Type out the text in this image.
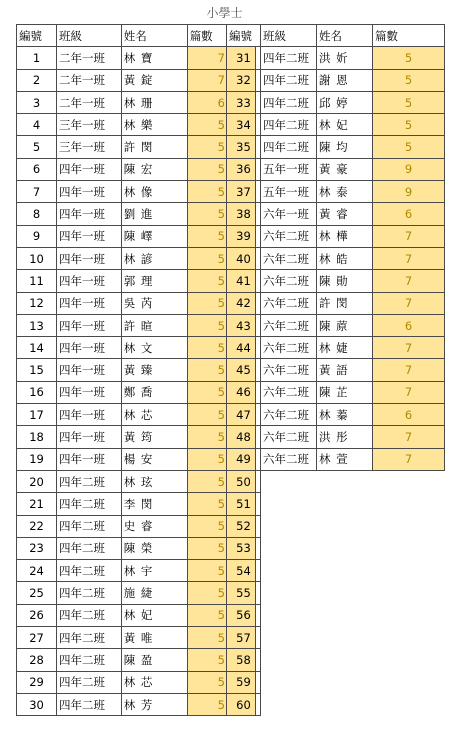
小學士
編號	班級	姓名	篇數
1	二年一班	林 寶	7
2	二年一班	黃 錠	7
3	二年一班	林 珊	6
4	三年一班	林 樂	5
5	三年一班	許 閔	5
6	四年一班	陳 宏	5
7	四年一班	林 像	5
8	四年一班	劉 進	5
9	四年一班	陳 嶧	5
10	四年一班	林 諺	5
11	四年一班	郭 理	5
12	四年一班	吳 芮	5
13	四年一班	許 暄	5
14	四年一班	林 文	5
15	四年一班	黃 臻	5
16	四年一班	鄭 喬	5
17	四年一班	林 芯	5
18	四年一班	黃 筠	5
19	四年一班	楊 安	5
20	四年二班	林 玹	5
21	四年二班	李 閔	5
22	四年二班	史 睿	5
23	四年二班	陳 榮	5
24	四年二班	林 宇	5
25	四年二班	施 緁	5
26	四年二班	林 妃	5
27	四年二班	黃 唯	5
28	四年二班	陳 盈	5
29	四年二班	林 芯	5
30	四年二班	林 芳	5
編號	班級	姓名	篇數
31	四年二班	洪 妡	5
32	四年二班	謝 恩	5
33	四年二班	邱 婷	5
34	四年二班	林 妃	5
35	四年二班	陳 均	5
36	五年一班	黃 豪	9
37	五年一班	林 泰	9
38	六年一班	黃 睿	6
39	六年二班	林 樺	7
40	六年二班	林 皓	7
41	六年二班	陳 勛	7
42	六年二班	許 閔	7
43	六年二班	陳 蒝	6
44	六年二班	林 婕	7
45	六年二班	黃 語	7
46	六年二班	陳 芷	7
47	六年二班	林 蓁	6
48	六年二班	洪 彤	7
49	六年二班	林 萱	7
50			
51			
52			
53			
54			
55			
56			
57			
58			
59			
60			
